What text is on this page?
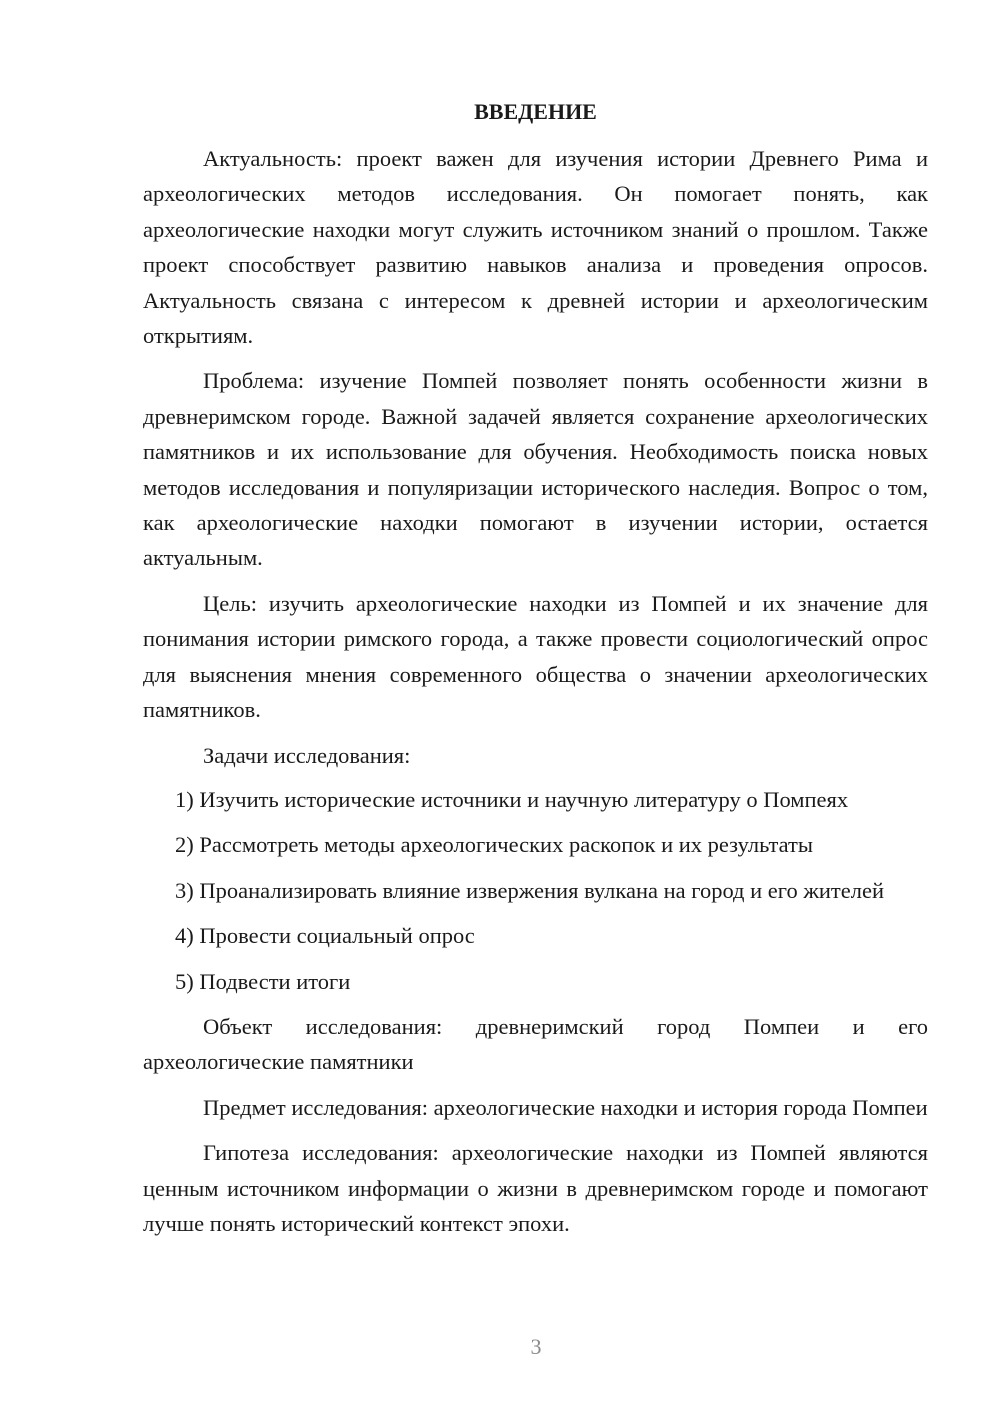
ВВЕДЕНИЕ

Актуальность: проект важен для изучения истории Древнего Рима и археологических методов исследования. Он помогает понять, как археологические находки могут служить источником знаний о прошлом. Также проект способствует развитию навыков анализа и проведения опросов. Актуальность связана с интересом к древней истории и археологическим открытиям.

Проблема: изучение Помпей позволяет понять особенности жизни в древнеримском городе. Важной задачей является сохранение археологических памятников и их использование для обучения. Необходимость поиска новых методов исследования и популяризации исторического наследия. Вопрос о том, как археологические находки помогают в изучении истории, остается актуальным.

Цель: изучить археологические находки из Помпей и их значение для понимания истории римского города, а также провести социологический опрос для выяснения мнения современного общества о значении археологических памятников.

Задачи исследования:

1) Изучить исторические источники и научную литературу о Помпеях

2) Рассмотреть методы археологических раскопок и их результаты

3) Проанализировать влияние извержения вулкана на город и его жителей

4) Провести социальный опрос

5) Подвести итоги

Объект исследования: древнеримский город Помпеи и его археологические памятники

Предмет исследования: археологические находки и история города Помпеи

Гипотеза исследования: археологические находки из Помпей являются ценным источником информации о жизни в древнеримском городе и помогают лучше понять исторический контекст эпохи.

3
